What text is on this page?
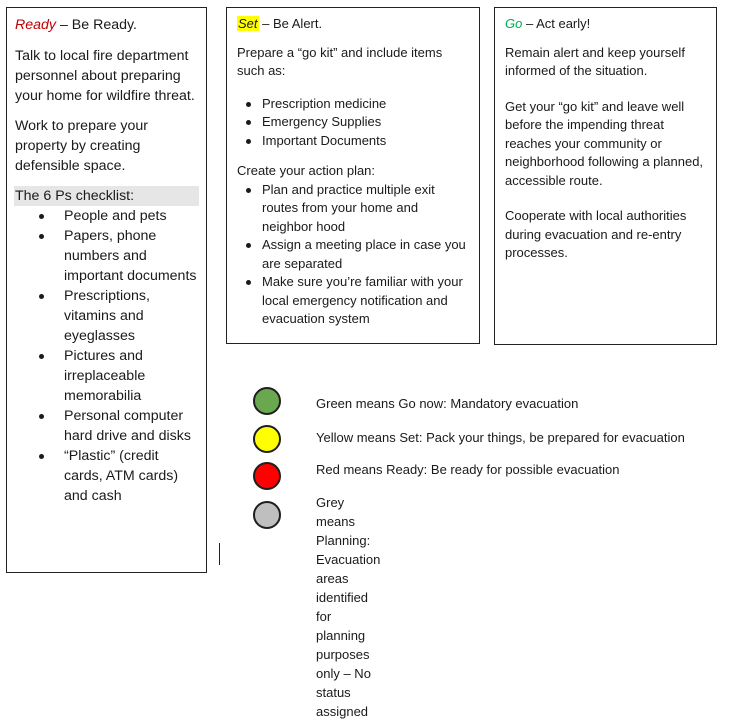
Ready – Be Ready.

Talk to local fire department personnel about preparing your home for wildfire threat.

Work to prepare your property by creating defensible space.

The 6 Ps checklist:

People and pets
Papers, phone numbers and important documents
Prescriptions, vitamins and eyeglasses
Pictures and irreplaceable memorabilia
Personal computer hard drive and disks
“Plastic” (credit cards, ATM cards) and cash

Set – Be Alert.

Prepare a “go kit” and include items such as:

Prescription medicine
Emergency Supplies
Important Documents

Create your action plan:

Plan and practice multiple exit routes from your home and neighbor hood
Assign a meeting place in case you are separated
Make sure you’re familiar with your local emergency notification and evacuation system

Go – Act early!

Remain alert and keep yourself informed of the situation.

Get your “go kit” and leave well before the impending threat reaches your community or neighborhood following a planned, accessible route.

Cooperate with local authorities during evacuation and re-entry processes.

Green means Go now: Mandatory evacuation
Yellow means Set: Pack your things, be prepared for evacuation
Red means Ready: Be ready for possible evacuation
Grey means Planning: Evacuation areas identified for planning
purposes only – No status assigned
